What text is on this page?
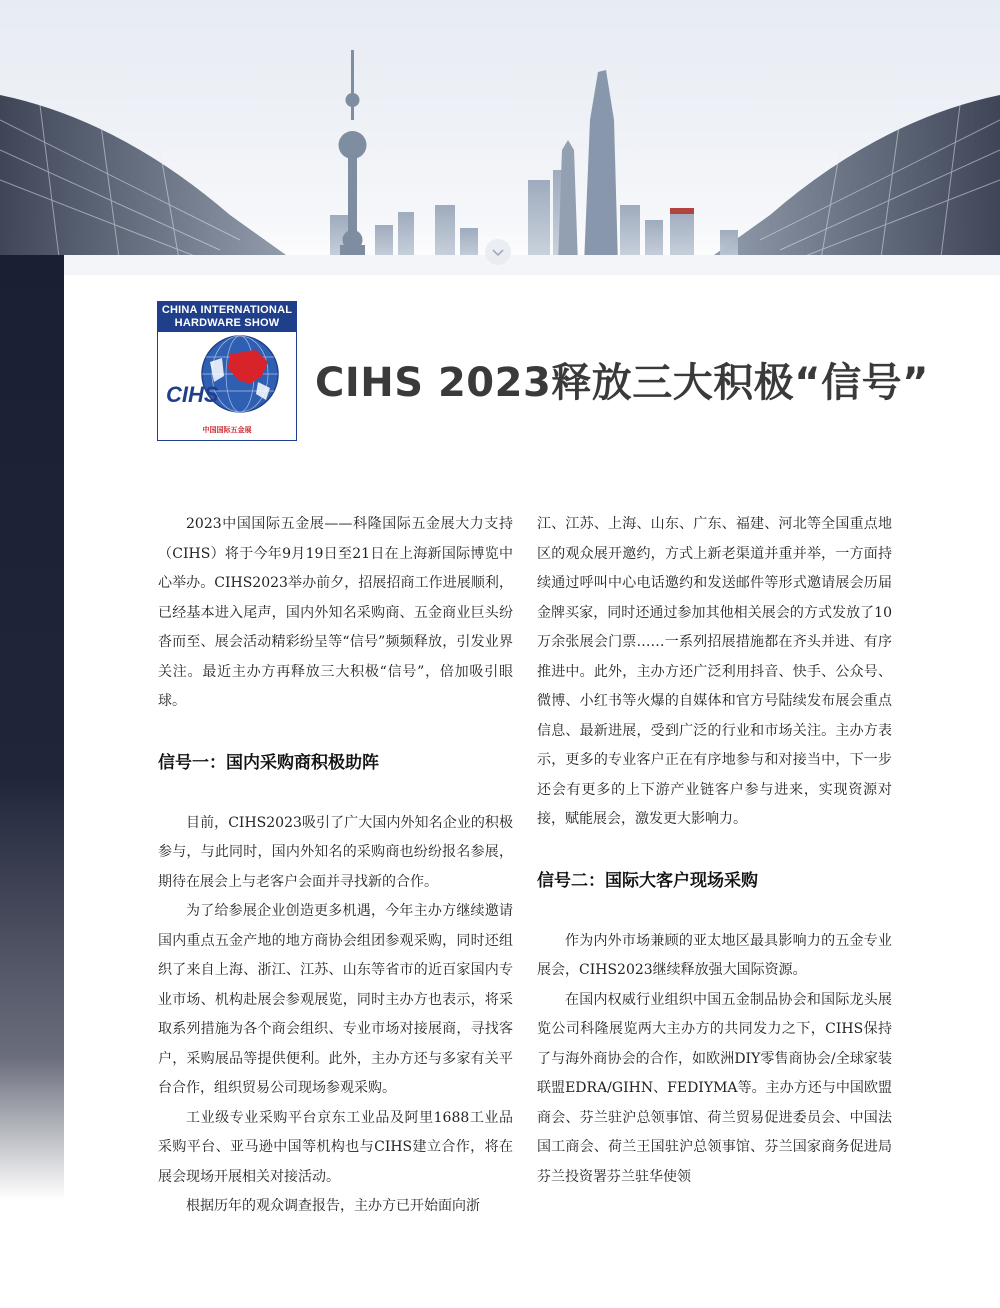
CHINA INTERNATIONAL
HARDWARE SHOW
CIHS
中国国际五金展
CIHS 2023释放三大积极“信号”

2023中国国际五金展——科隆国际五金展大力支持（CIHS）将于今年9月19日至21日在上海新国际博览中心举办。CIHS2023举办前夕，招展招商工作进展顺利，已经基本进入尾声，国内外知名采购商、五金商业巨头纷沓而至、展会活动精彩纷呈等“信号”频频释放，引发业界关注。最近主办方再释放三大积极“信号”，倍加吸引眼球。

信号一：国内采购商积极助阵

目前，CIHS2023吸引了广大国内外知名企业的积极参与，与此同时，国内外知名的采购商也纷纷报名参展，期待在展会上与老客户会面并寻找新的合作。

为了给参展企业创造更多机遇，今年主办方继续邀请国内重点五金产地的地方商协会组团参观采购，同时还组织了来自上海、浙江、江苏、山东等省市的近百家国内专业市场、机构赴展会参观展览，同时主办方也表示，将采取系列措施为各个商会组织、专业市场对接展商，寻找客户，采购展品等提供便利。此外，主办方还与多家有关平台合作，组织贸易公司现场参观采购。

工业级专业采购平台京东工业品及阿里1688工业品采购平台、亚马逊中国等机构也与CIHS建立合作，将在展会现场开展相关对接活动。

根据历年的观众调查报告，主办方已开始面向浙

江、江苏、上海、山东、广东、福建、河北等全国重点地区的观众展开邀约，方式上新老渠道并重并举，一方面持续通过呼叫中心电话邀约和发送邮件等形式邀请展会历届金牌买家，同时还通过参加其他相关展会的方式发放了10万余张展会门票……一系列招展措施都在齐头并进、有序推进中。此外，主办方还广泛利用抖音、快手、公众号、微博、小红书等火爆的自媒体和官方号陆续发布展会重点信息、最新进展，受到广泛的行业和市场关注。主办方表示，更多的专业客户正在有序地参与和对接当中，下一步还会有更多的上下游产业链客户参与进来，实现资源对接，赋能展会，激发更大影响力。

信号二：国际大客户现场采购

作为内外市场兼顾的亚太地区最具影响力的五金专业展会，CIHS2023继续释放强大国际资源。

在国内权威行业组织中国五金制品协会和国际龙头展览公司科隆展览两大主办方的共同发力之下，CIHS保持了与海外商协会的合作，如欧洲DIY零售商协会/全球家装联盟EDRA/GIHN、FEDIYMA等。主办方还与中国欧盟商会、芬兰驻沪总领事馆、荷兰贸易促进委员会、中国法国工商会、荷兰王国驻沪总领事馆、芬兰国家商务促进局芬兰投资署芬兰驻华使领
